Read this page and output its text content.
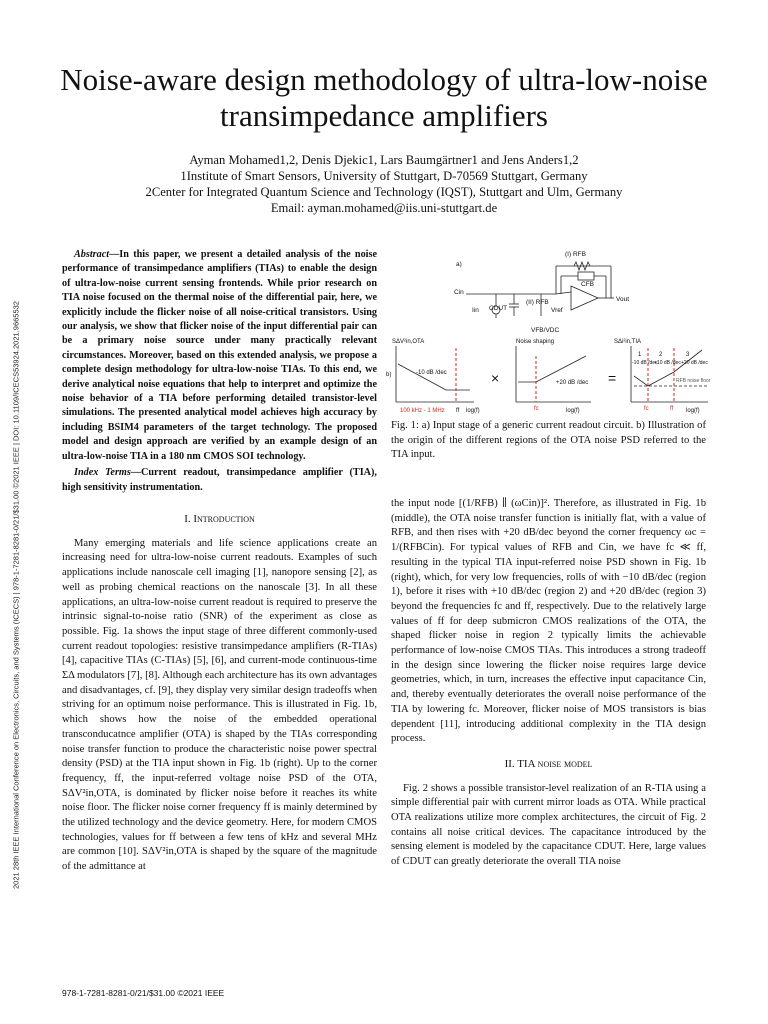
2021 28th IEEE International Conference on Electronics, Circuits, and Systems (ICECS) | 978-1-7281-8281-0/21/$31.00 ©2021 IEEE | DOI: 10.1109/ICECS53924.2021.9665532
Noise-aware design methodology of ultra-low-noise
transimpedance amplifiers
Ayman Mohamed1,2, Denis Djekic1, Lars Baumgärtner1 and Jens Anders1,2
1Institute of Smart Sensors, University of Stuttgart, D-70569 Stuttgart, Germany
2Center for Integrated Quantum Science and Technology (IQST), Stuttgart and Ulm, Germany
Email: ayman.mohamed@iis.uni-stuttgart.de

Abstract—In this paper, we present a detailed analysis of the noise performance of transimpedance amplifiers (TIAs) to enable the design of ultra-low-noise current sensing frontends. While prior research on TIA noise focused on the thermal noise of the differential pair, here, we explicitly include the flicker noise of all noise-critical transistors. Using our analysis, we show that flicker noise of the input differential pair can be a primary noise source under many practically relevant circumstances. Moreover, based on this extended analysis, we propose a complete design methodology for ultra-low-noise TIAs. To this end, we derive analytical noise equations that help to interpret and optimize the noise behavior of a TIA before performing detailed transistor-level simulations. The presented analytical model achieves high accuracy by including BSIM4 parameters of the target technology. The proposed model and design approach are verified by an example design of an ultra-low-noise TIA in a 180 nm CMOS SOI technology.

Index Terms—Current readout, transimpedance amplifier (TIA), high sensitivity instrumentation.

I. Introduction

Many emerging materials and life science applications create an increasing need for ultra-low-noise current readouts. Examples of such applications include nanoscale cell imaging [1], nanopore sensing [2], as well as probing chemical reactions on the nanoscale [3]. In all these applications, an ultra-low-noise current readout is required to preserve the intrinsic signal-to-noise ratio (SNR) of the experiment as close as possible. Fig. 1a shows the input stage of three different commonly-used current readout topologies: resistive transimpedance amplifiers (R-TIAs) [4], capacitive TIAs (C-TIAs) [5], [6], and current-mode continuous-time ΣΔ modulators [7], [8]. Although each architecture has its own advantages and disadvantages, cf. [9], they display very similar design tradeoffs when striving for an optimum noise performance. This is illustrated in Fig. 1b, which shows how the noise of the embedded operational transconducatnce amplifier (OTA) is shaped by the TIAs corresponding noise transfer function to produce the characteristic noise power spectral density (PSD) at the TIA input shown in Fig. 1b (right). Up to the corner frequency, ff, the input-referred voltage noise PSD of the OTA, SΔV²in,OTA, is dominated by flicker noise before it reaches its white noise floor. The flicker noise corner frequency ff is mainly determined by the utilized technology and the device geometry. Here, for modern CMOS technologies, values for ff between a few tens of kHz and several MHz are common [10]. SΔV²in,OTA is shaped by the square of the magnitude of the admittance at

a)
Cin
Iin CDUT
(I) RFB
(II) RFB
CFB
Vout
Vref
VFB/VDC
SΔV²in,OTA
b)	-10 dB /dec
100 kHz - 1 MHz ff log(f)
×
Noise shaping
+20 dB /dec
fc	log(f)
=
SΔi²in,TIA
1	2	3
-10 dB /dec
+10 dB /dec +20 dB /dec
RFB noise floor
fc	ff log(f)
Fig. 1: a) Input stage of a generic current readout circuit. b) Illustration of the origin of the different regions of the OTA noise PSD referred to the TIA input.

the input node [(1/RFB) ∥ (ωCin)]². Therefore, as illustrated in Fig. 1b (middle), the OTA noise transfer function is initially flat, with a value of RFB, and then rises with +20 dB/dec beyond the corner frequency ωc = 1/(RFBCin). For typical values of RFB and Cin, we have fc ≪ ff, resulting in the typical TIA input-referred noise PSD shown in Fig. 1b (right), which, for very low frequencies, rolls of with −10 dB/dec (region 1), before it rises with +10 dB/dec (region 2) and +20 dB/dec (region 3) beyond the frequencies fc and ff, respectively. Due to the relatively large values of ff for deep submicron CMOS realizations of the OTA, the shaped flicker noise in region 2 typically limits the achievable performance of low-noise CMOS TIAs. This introduces a strong tradeoff in the design since lowering the flicker noise requires large device geometries, which, in turn, increases the effective input capacitance Cin, and, thereby eventually deteriorates the overall noise performance of the TIA by lowering fc. Moreover, flicker noise of MOS transistors is bias dependent [11], introducing additional complexity in the TIA design process.

II. TIA noise model

Fig. 2 shows a possible transistor-level realization of an R-TIA using a simple differential pair with current mirror loads as OTA. While practical OTA realizations utilize more complex architectures, the circuit of Fig. 2 contains all noise critical devices. The capacitance introduced by the sensing element is modeled by the capacitance CDUT. Here, large values of CDUT can greatly deteriorate the overall TIA noise

978-1-7281-8281-0/21/$31.00 ©2021 IEEE
